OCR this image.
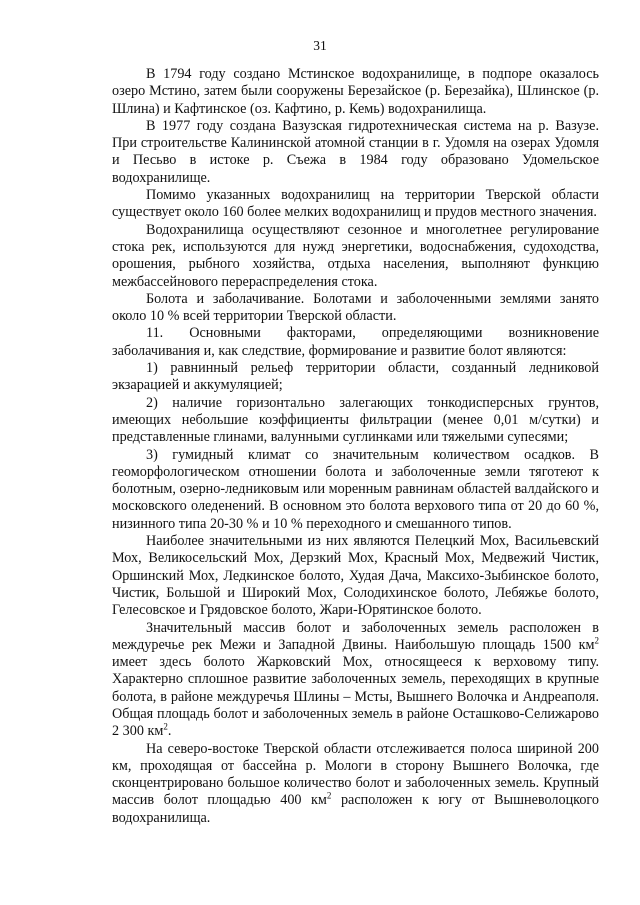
31

В 1794 году создано Мстинское водохранилище, в подпоре оказалось озеро Мстино, затем были сооружены Березайское (р. Березайка), Шлинское (р. Шлина) и Кафтинское (оз. Кафтино, р. Кемь) водохранилища.

В 1977 году создана Вазузская гидротехническая система на р. Вазузе. При строительстве Калининской атомной станции в г. Удомля на озерах Удомля и Песьво в истоке р. Съежа в 1984 году образовано Удомельское водохранилище.

Помимо указанных водохранилищ на территории Тверской области существует около 160 более мелких водохранилищ и прудов местного значения.

Водохранилища осуществляют сезонное и многолетнее регулирование стока рек, используются для нужд энергетики, водоснабжения, судоходства, орошения, рыбного хозяйства, отдыха населения, выполняют функцию межбассейнового перераспределения стока.

Болота и заболачивание. Болотами и заболоченными землями занято около 10 % всей территории Тверской области.

11. Основными факторами, определяющими возникновение заболачивания и, как следствие, формирование и развитие болот являются:

1) равнинный рельеф территории области, созданный ледниковой экзарацией и аккумуляцией;

2) наличие горизонтально залегающих тонкодисперсных грунтов, имеющих небольшие коэффициенты фильтрации (менее 0,01 м/сутки) и представленные глинами, валунными суглинками или тяжелыми супесями;

3) гумидный климат со значительным количеством осадков. В геоморфологическом отношении болота и заболоченные земли тяготеют к болотным, озерно-ледниковым или моренным равнинам областей валдайского и московского оледенений. В основном это болота верхового типа от 20 до 60 %, низинного типа 20-30 % и 10 % переходного и смешанного типов.

Наиболее значительными из них являются Пелецкий Мох, Васильевский Мох, Великосельский Мох, Дерзкий Мох, Красный Мох, Медвежий Чистик, Оршинский Мох, Ледкинское болото, Худая Дача, Максихо-Зыбинское болото, Чистик, Большой и Широкий Мох, Солодихинское болото, Лебяжье болото, Гелесовское и Грядовское болото, Жари-Юрятинское болото.

Значительный массив болот и заболоченных земель расположен в междуречье рек Межи и Западной Двины. Наибольшую площадь 1500 $км^2$ имеет здесь болото Жарковский Мох, относящееся к верховому типу. Характерно сплошное развитие заболоченных земель, переходящих в крупные болота, в районе междуречья Шлины – Мсты, Вышнего Волочка и Андреаполя. Общая площадь болот и заболоченных земель в районе Осташково-Селижарово 2 300 $км^2$.

На северо-востоке Тверской области отслеживается полоса шириной 200 км, проходящая от бассейна р. Мологи в сторону Вышнего Волочка, где сконцентрировано большое количество болот и заболоченных земель. Крупный массив болот площадью 400 $км^2$ расположен к югу от Вышневолоцкого водохранилища.
